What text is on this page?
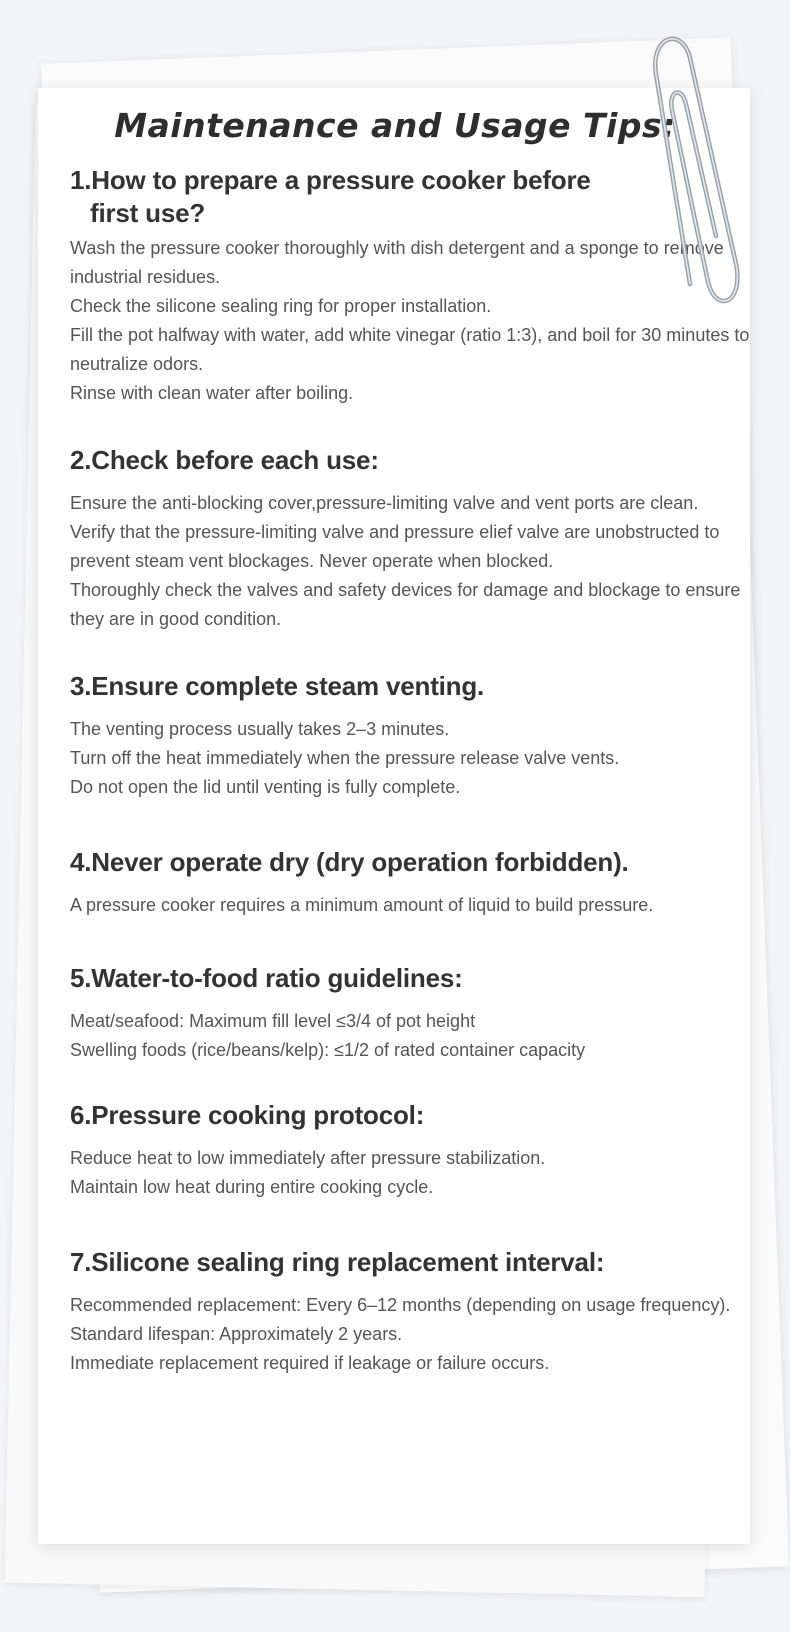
Maintenance and Usage Tips:
1.How to prepare a pressure cooker before
first use?

Wash the pressure cooker thoroughly with dish detergent and a sponge to remove industrial residues.

Check the silicone sealing ring for proper installation.

Fill the pot halfway with water, add white vinegar (ratio 1:3), and boil for 30 minutes to neutralize odors.

Rinse with clean water after boiling.

2.Check before each use:

Ensure the anti-blocking cover,pressure-limiting valve and vent ports are clean.

Verify that the pressure-limiting valve and pressure elief valve are unobstructed to prevent steam vent blockages. Never operate when blocked.

Thoroughly check the valves and safety devices for damage and blockage to ensure they are in good condition.

3.Ensure complete steam venting.

The venting process usually takes 2–3 minutes.

Turn off the heat immediately when the pressure release valve vents.

Do not open the lid until venting is fully complete.

4.Never operate dry (dry operation forbidden).

A pressure cooker requires a minimum amount of liquid to build pressure.

5.Water-to-food ratio guidelines:

Meat/seafood: Maximum fill level ≤3/4 of pot height

Swelling foods (rice/beans/kelp): ≤1/2 of rated container capacity

6.Pressure cooking protocol:

Reduce heat to low immediately after pressure stabilization.

Maintain low heat during entire cooking cycle.

7.Silicone sealing ring replacement interval:

Recommended replacement: Every 6–12 months (depending on usage frequency).

Standard lifespan: Approximately 2 years.

Immediate replacement required if leakage or failure occurs.
